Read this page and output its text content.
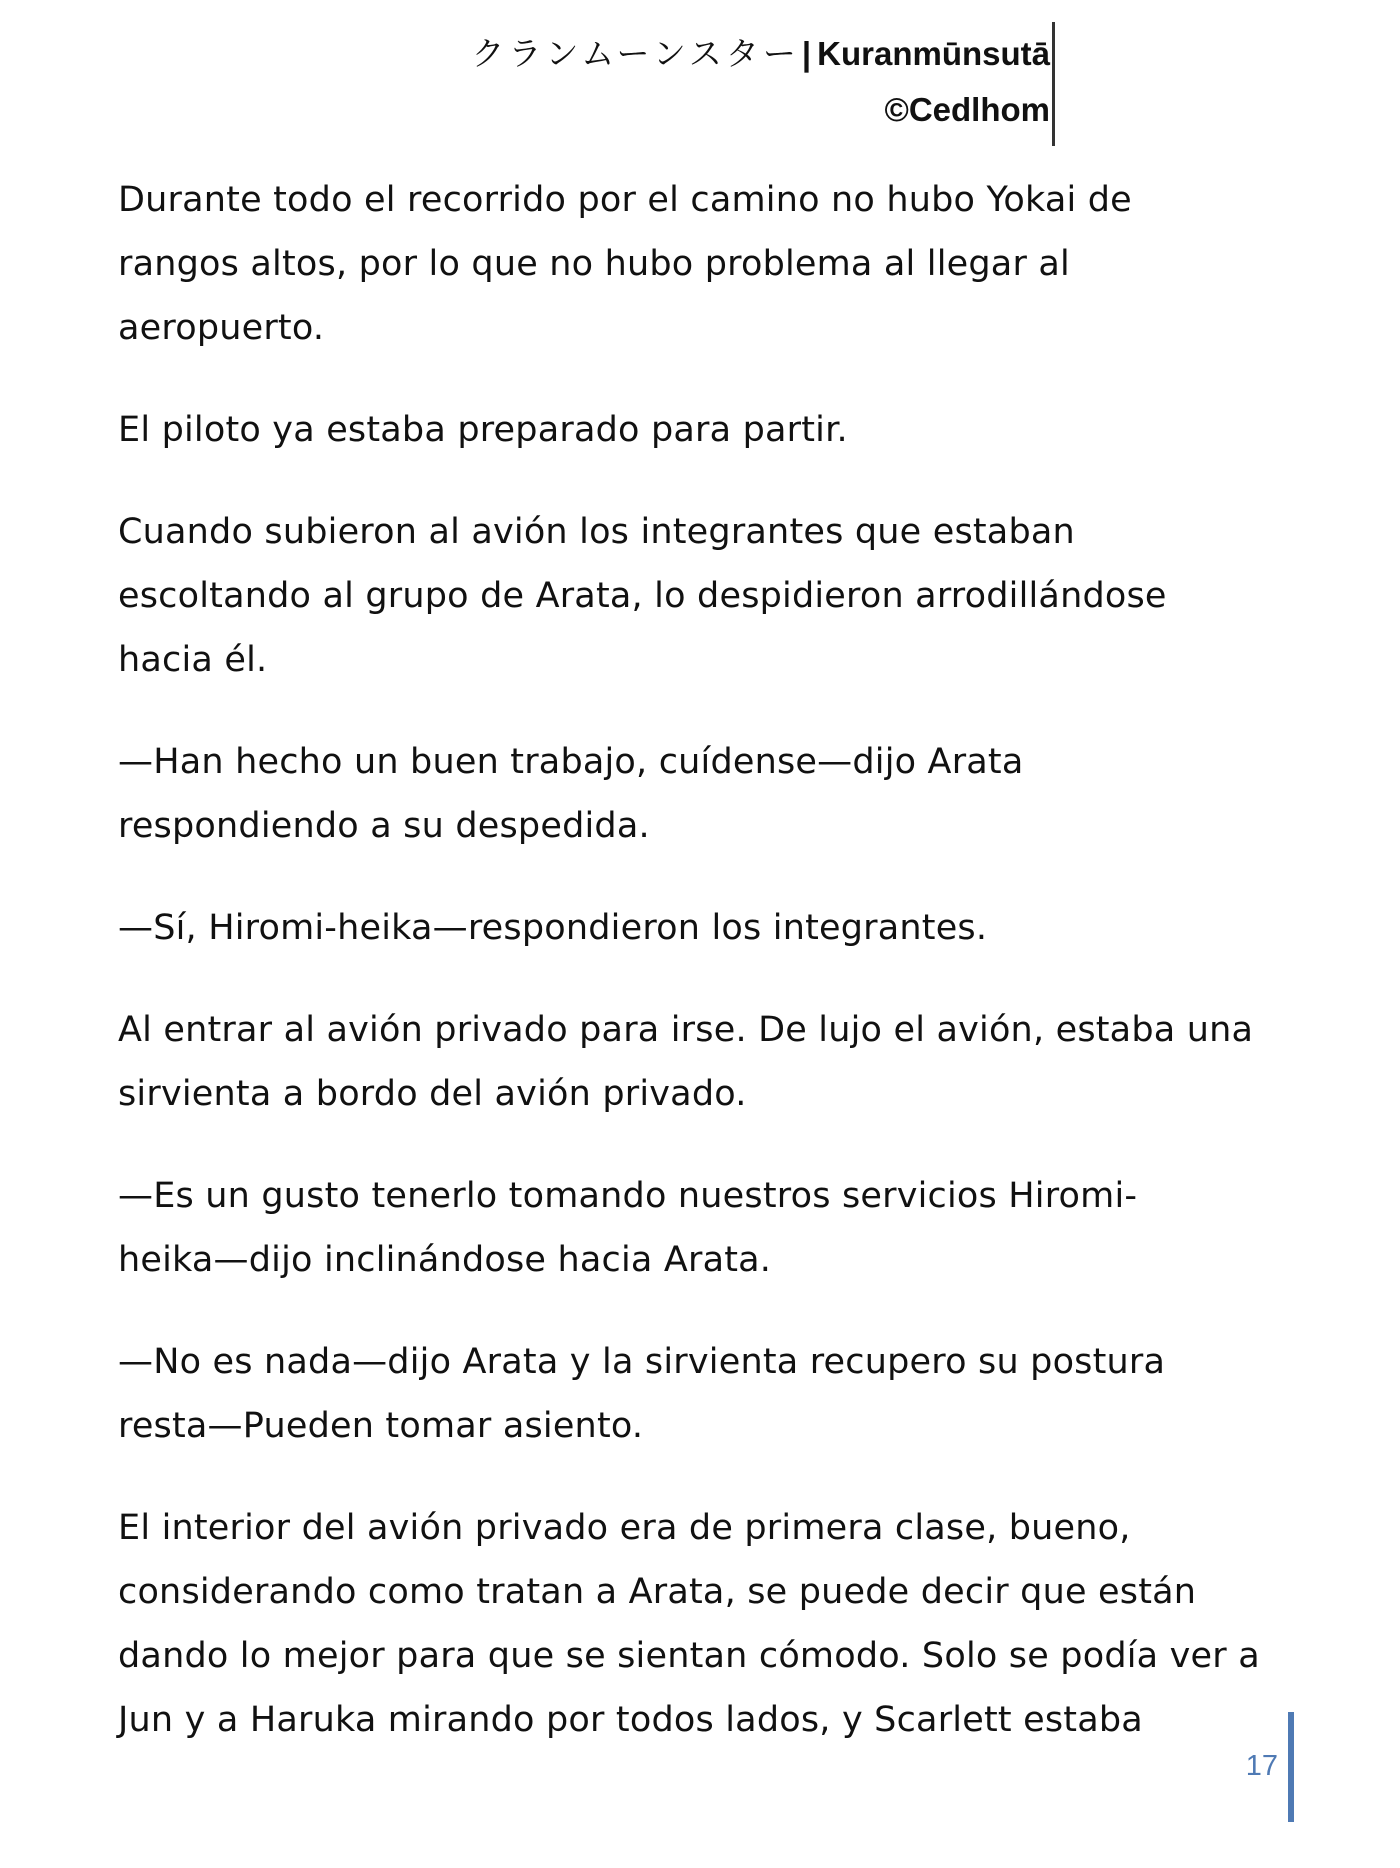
クランムーンスター| Kuranmūnsutā
©Cedlhom

Durante todo el recorrido por el camino no hubo Yokai de
rangos altos, por lo que no hubo problema al llegar al
aeropuerto.

El piloto ya estaba preparado para partir.

Cuando subieron al avión los integrantes que estaban
escoltando al grupo de Arata, lo despidieron arrodillándose
hacia él.

—Han hecho un buen trabajo, cuídense—dijo Arata
respondiendo a su despedida.

—Sí, Hiromi-heika—respondieron los integrantes.

Al entrar al avión privado para irse. De lujo el avión, estaba una
sirvienta a bordo del avión privado.

—Es un gusto tenerlo tomando nuestros servicios Hiromi-
heika—dijo inclinándose hacia Arata.

—No es nada—dijo Arata y la sirvienta recupero su postura
resta—Pueden tomar asiento.

El interior del avión privado era de primera clase, bueno,
considerando como tratan a Arata, se puede decir que están
dando lo mejor para que se sientan cómodo. Solo se podía ver a
Jun y a Haruka mirando por todos lados, y Scarlett estaba

17
